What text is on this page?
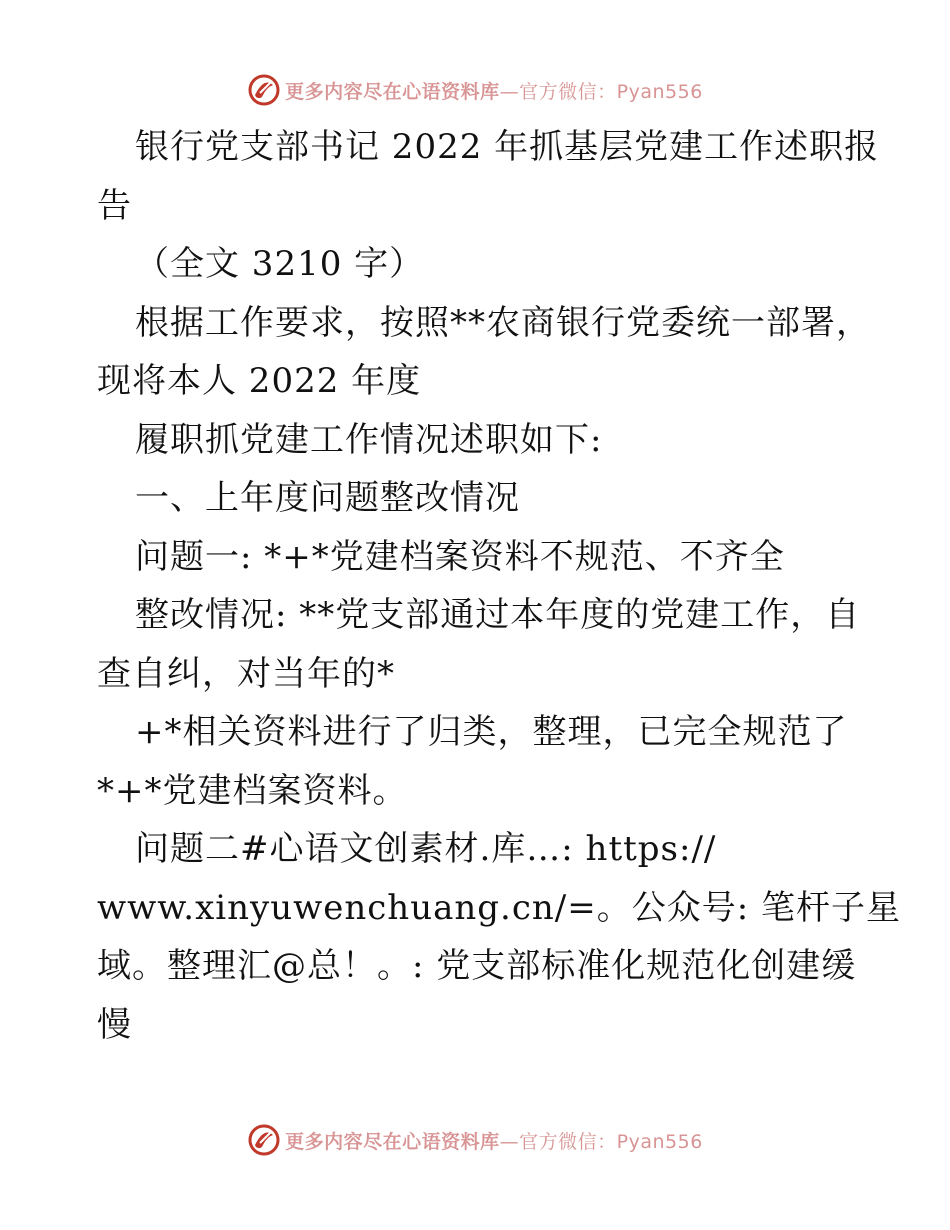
更多内容尽在心语资料库—官方微信：Pyan556
银行党支部书记 2022 年抓基层党建工作述职报
告
（全文 3210 字）
根据工作要求，按照**农商银行党委统一部署，
现将本人 2022 年度
履职抓党建工作情况述职如下:
一、上年度问题整改情况
问题一: *+*党建档案资料不规范、不齐全
整改情况: **党支部通过本年度的党建工作，自
查自纠，对当年的*
+*相关资料进行了归类，整理，已完全规范了
*+*党建档案资料。
问题二#心语文创素材.库…: https://
www.xinyuwenchuang.cn/=。公众号: 笔杆子星
域。整理汇@总！。: 党支部标准化规范化创建缓
慢
更多内容尽在心语资料库—官方微信：Pyan556
